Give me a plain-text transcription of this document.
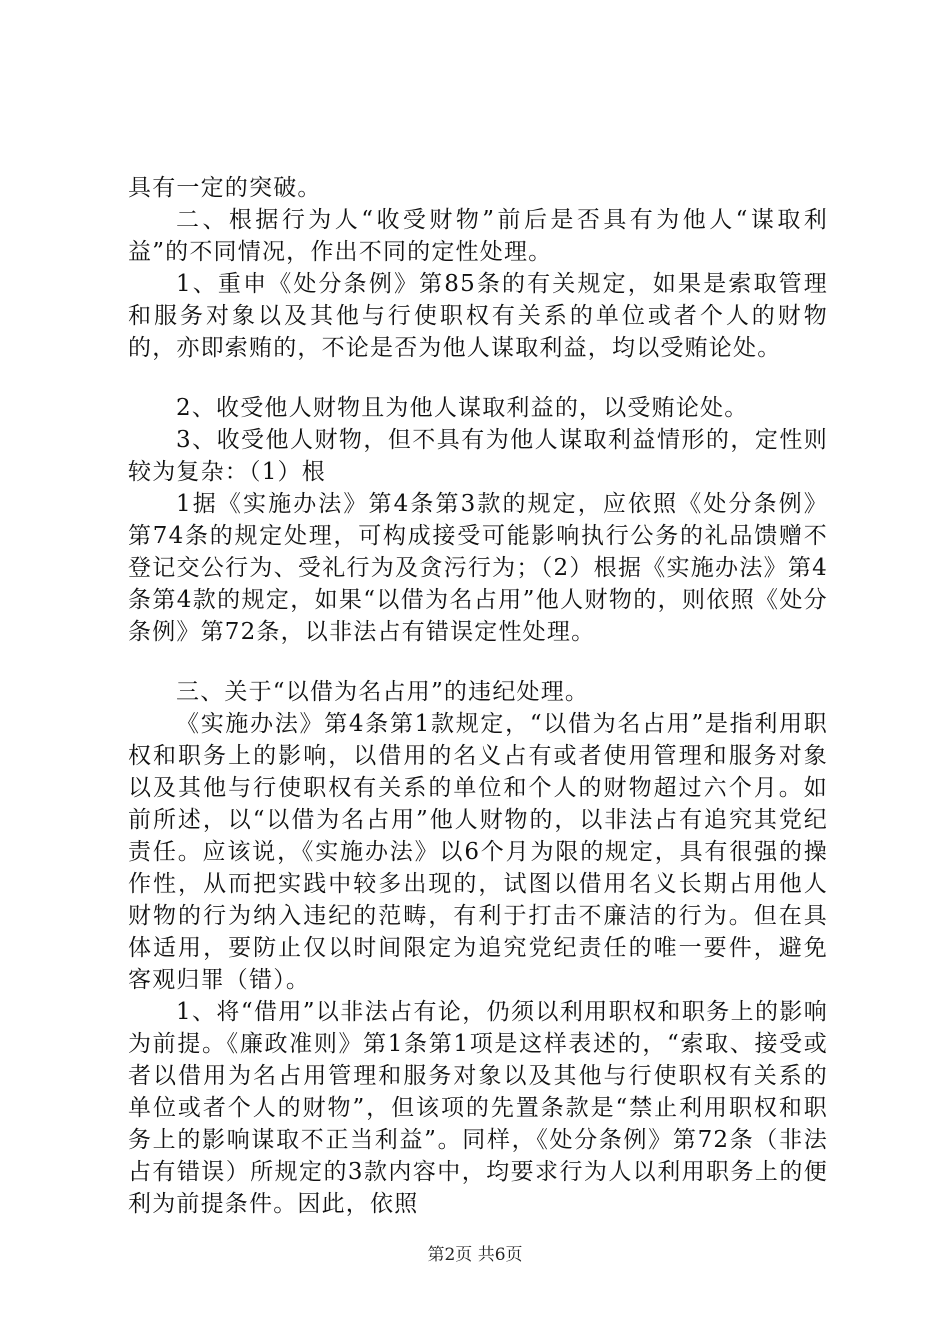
具有一定的突破。

二、根据行为人“收受财物”前后是否具有为他人“谋取利益”的不同情况，作出不同的定性处理。

1、重申《处分条例》第85条的有关规定，如果是索取管理和服务对象以及其他与行使职权有关系的单位或者个人的财物的，亦即索贿的，不论是否为他人谋取利益，均以受贿论处。

2、收受他人财物且为他人谋取利益的，以受贿论处。

3、收受他人财物，但不具有为他人谋取利益情形的，定性则较为复杂：（1）根

1据《实施办法》第4条第3款的规定，应依照《处分条例》第74条的规定处理，可构成接受可能影响执行公务的礼品馈赠不登记交公行为、受礼行为及贪污行为；（2）根据《实施办法》第4条第4款的规定，如果“以借为名占用”他人财物的，则依照《处分条例》第72条，以非法占有错误定性处理。

三、关于“以借为名占用”的违纪处理。

《实施办法》第4条第1款规定，“以借为名占用”是指利用职权和职务上的影响，以借用的名义占有或者使用管理和服务对象以及其他与行使职权有关系的单位和个人的财物超过六个月。如前所述，以“以借为名占用”他人财物的，以非法占有追究其党纪责任。应该说，《实施办法》以6个月为限的规定，具有很强的操作性，从而把实践中较多出现的，试图以借用名义长期占用他人财物的行为纳入违纪的范畴，有利于打击不廉洁的行为。但在具体适用，要防止仅以时间限定为追究党纪责任的唯一要件，避免客观归罪（错）。

1、将“借用”以非法占有论，仍须以利用职权和职务上的影响为前提。《廉政准则》第1条第1项是这样表述的，“索取、接受或者以借用为名占用管理和服务对象以及其他与行使职权有关系的单位或者个人的财物”，但该项的先置条款是“禁止利用职权和职务上的影响谋取不正当利益”。同样，《处分条例》第72条（非法占有错误）所规定的3款内容中，均要求行为人以利用职务上的便利为前提条件。因此，依照

第2页 共6页
